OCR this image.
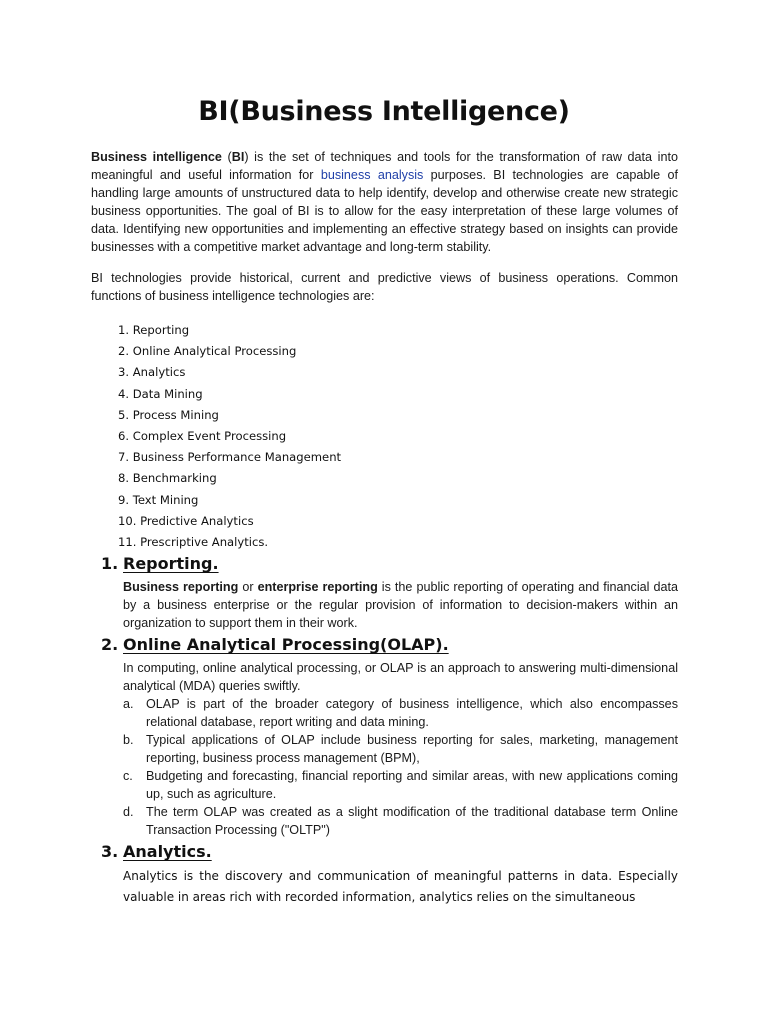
BI(Business Intelligence)
Business intelligence (BI) is the set of techniques and tools for the transformation of raw data into meaningful and useful information for business analysis purposes. BI technologies are capable of handling large amounts of unstructured data to help identify, develop and otherwise create new strategic business opportunities. The goal of BI is to allow for the easy interpretation of these large volumes of data. Identifying new opportunities and implementing an effective strategy based on insights can provide businesses with a competitive market advantage and long-term stability.
BI technologies provide historical, current and predictive views of business operations. Common functions of business intelligence technologies are:
1. Reporting
2. Online Analytical Processing
3. Analytics
4. Data Mining
5. Process Mining
6. Complex Event Processing
7. Business Performance Management
8. Benchmarking
9. Text Mining
10. Predictive Analytics
11. Prescriptive Analytics.
1. Reporting.
Business reporting or enterprise reporting is the public reporting of operating and financial data by a business enterprise or the regular provision of information to decision-makers within an organization to support them in their work.
2. Online Analytical Processing(OLAP).
In computing, online analytical processing, or OLAP is an approach to answering multi-dimensional analytical (MDA) queries swiftly.
a. OLAP is part of the broader category of business intelligence, which also encompasses relational database, report writing and data mining.
b. Typical applications of OLAP include business reporting for sales, marketing, management reporting, business process management (BPM),
c. Budgeting and forecasting, financial reporting and similar areas, with new applications coming up, such as agriculture.
d. The term OLAP was created as a slight modification of the traditional database term Online Transaction Processing ("OLTP")
3. Analytics.
Analytics is the discovery and communication of meaningful patterns in data. Especially valuable in areas rich with recorded information, analytics relies on the simultaneous
